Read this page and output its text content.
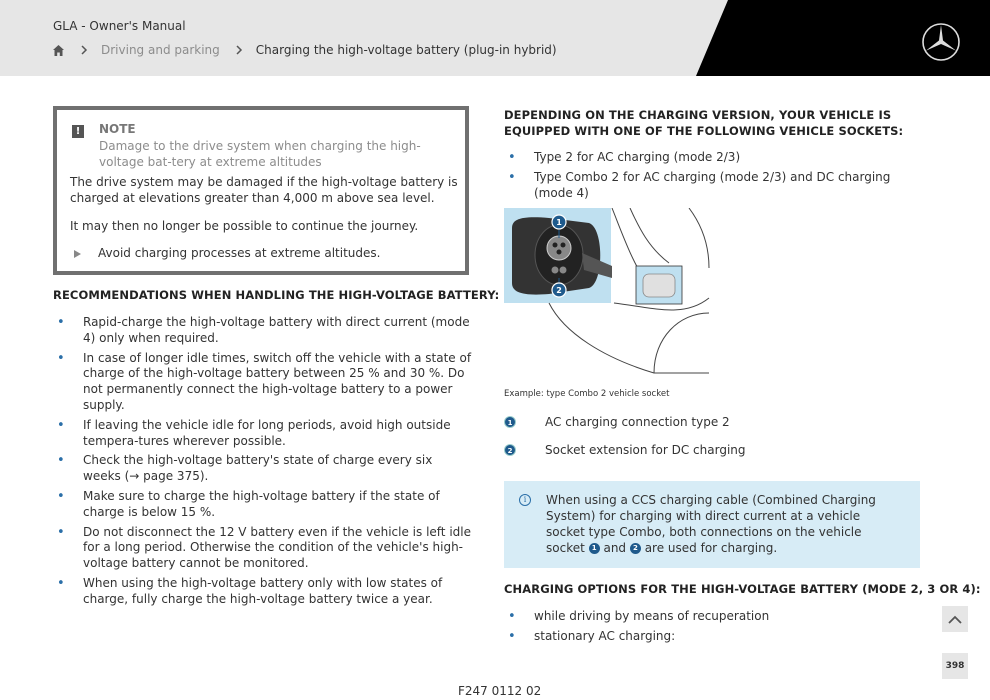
GLA - Owner's Manual
Driving and parking	Charging the high-voltage battery (plug-in hybrid)
!	NOTE
Damage to the drive system when charging the high-voltage bat-tery at extreme altitudes
The drive system may be damaged if the high-voltage battery is charged at elevations greater than 4,000 m above sea level.
It may then no longer be possible to continue the journey.
Avoid charging processes at extreme altitudes.
RECOMMENDATIONS WHEN HANDLING THE HIGH-VOLTAGE BATTERY:
• Rapid-charge the high-voltage battery with direct current (mode 4) only when required.
• In case of longer idle times, switch off the vehicle with a state of charge of the high-voltage battery between 25 % and 30 %. Do not permanently connect the high-voltage battery to a power supply.
• If leaving the vehicle idle for long periods, avoid high outside tempera-tures wherever possible.
• Check the high-voltage battery's state of charge every six weeks (→ page 375).
• Make sure to charge the high-voltage battery if the state of charge is below 15 %.
• Do not disconnect the 12 V battery even if the vehicle is left idle for a long period. Otherwise the condition of the vehicle's high-voltage battery cannot be monitored.
• When using the high-voltage battery only with low states of charge, fully charge the high-voltage battery twice a year.
DEPENDING ON THE CHARGING VERSION, YOUR VEHICLE IS EQUIPPED WITH ONE OF THE FOLLOWING VEHICLE SOCKETS:
• Type 2 for AC charging (mode 2/3)
• Type Combo 2 for AC charging (mode 2/3) and DC charging (mode 4)
1
2
Example: type Combo 2 vehicle socket
1	AC charging connection type 2
2	Socket extension for DC charging
i	When using a CCS charging cable (Combined Charging System) for charging with direct current at a vehicle socket type Combo, both connections on the vehicle socket 1 and 2 are used for charging.
CHARGING OPTIONS FOR THE HIGH-VOLTAGE BATTERY (MODE 2, 3 OR 4):
• while driving by means of recuperation
• stationary AC charging:
398
F247 0112 02
